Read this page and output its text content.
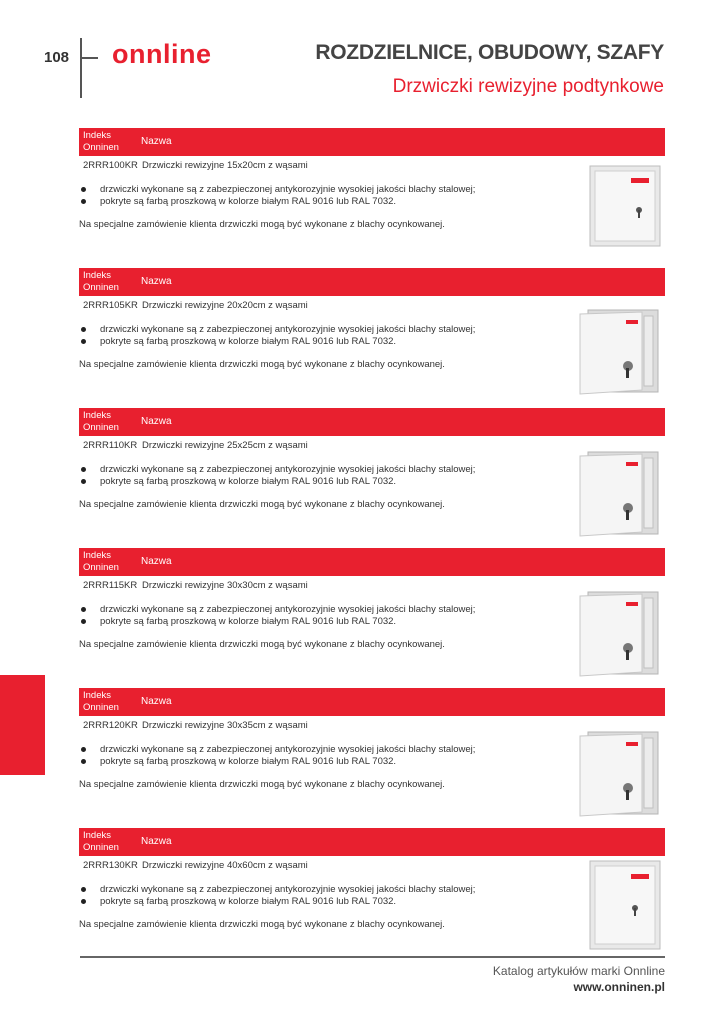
108 onnline	ROZDZIELNICE, OBUDOWY, SZAFY
Drzwiczki rewizyjne podtynkowe
Indeks
Onninen
Nazwa
2RRR100KR Drzwiczki rewizyjne 15x20cm z wąsami
drzwiczki wykonane są z zabezpieczonej antykorozyjnie wysokiej jakości blachy stalowej;
pokryte są farbą proszkową w kolorze białym RAL 9016 lub RAL 7032.
Na specjalne zamówienie klienta drzwiczki mogą być wykonane z blachy ocynkowanej.
Indeks
Onninen
Nazwa
2RRR105KR Drzwiczki rewizyjne 20x20cm z wąsami
drzwiczki wykonane są z zabezpieczonej antykorozyjnie wysokiej jakości blachy stalowej;
pokryte są farbą proszkową w kolorze białym RAL 9016 lub RAL 7032.
Na specjalne zamówienie klienta drzwiczki mogą być wykonane z blachy ocynkowanej.
Indeks
Onninen
Nazwa
2RRR110KR Drzwiczki rewizyjne 25x25cm z wąsami
drzwiczki wykonane są z zabezpieczonej antykorozyjnie wysokiej jakości blachy stalowej;
pokryte są farbą proszkową w kolorze białym RAL 9016 lub RAL 7032.
Na specjalne zamówienie klienta drzwiczki mogą być wykonane z blachy ocynkowanej.
Indeks
Onninen
Nazwa
2RRR115KR Drzwiczki rewizyjne 30x30cm z wąsami
drzwiczki wykonane są z zabezpieczonej antykorozyjnie wysokiej jakości blachy stalowej;
pokryte są farbą proszkową w kolorze białym RAL 9016 lub RAL 7032.
Na specjalne zamówienie klienta drzwiczki mogą być wykonane z blachy ocynkowanej.
Indeks
Onninen
Nazwa
2RRR120KR Drzwiczki rewizyjne 30x35cm z wąsami
drzwiczki wykonane są z zabezpieczonej antykorozyjnie wysokiej jakości blachy stalowej;
pokryte są farbą proszkową w kolorze białym RAL 9016 lub RAL 7032.
Na specjalne zamówienie klienta drzwiczki mogą być wykonane z blachy ocynkowanej.
Indeks
Onninen
Nazwa
2RRR130KR Drzwiczki rewizyjne 40x60cm z wąsami
drzwiczki wykonane są z zabezpieczonej antykorozyjnie wysokiej jakości blachy stalowej;
pokryte są farbą proszkową w kolorze białym RAL 9016 lub RAL 7032.
Na specjalne zamówienie klienta drzwiczki mogą być wykonane z blachy ocynkowanej.
Katalog artykułów marki Onnline
www.onninen.pl
